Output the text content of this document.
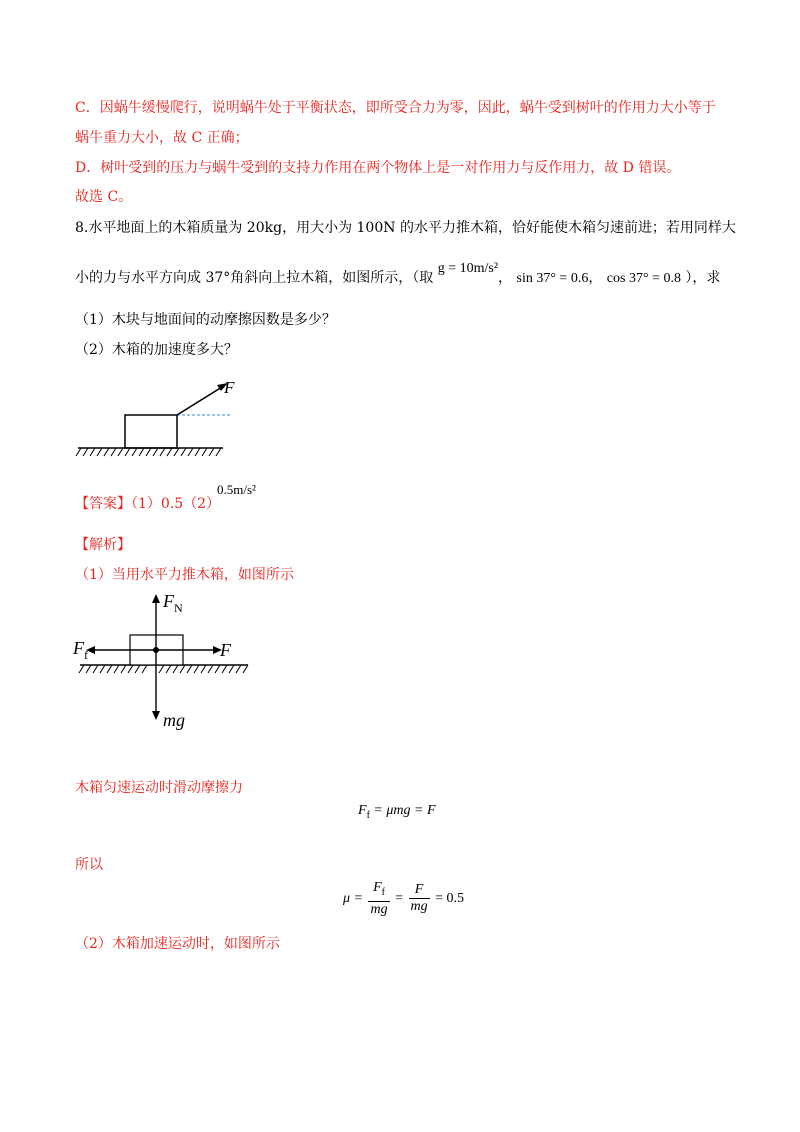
C．因蜗牛缓慢爬行，说明蜗牛处于平衡状态，即所受合力为零，因此，蜗牛受到树叶的作用力大小等于
蜗牛重力大小，故 C 正确；
D．树叶受到的压力与蜗牛受到的支持力作用在两个物体上是一对作用力与反作用力，故 D 错误。
故选 C。
8.水平地面上的木箱质量为 20kg，用大小为 100N 的水平力推木箱，恰好能使木箱匀速前进；若用同样大
小的力与水平方向成 37°角斜向上拉木箱，如图所示，（取 g = 10m/s²， sin 37° = 0.6， cos 37° = 0.8 ），求
（1）木块与地面间的动摩擦因数是多少？
（2）木箱的加速度多大？
F
【答案】（1）0.5（2）
0.5m/s²
【解析】
（1）当用水平力推木箱，如图所示
$F_N$
$F_f$	F
mg
木箱匀速运动时滑动摩擦力
$F_f = \mu mg = F$
所以
$\mu = \frac{F_f}{mg} = \frac{F}{mg} = 0.5$
（2）木箱加速运动时，如图所示
